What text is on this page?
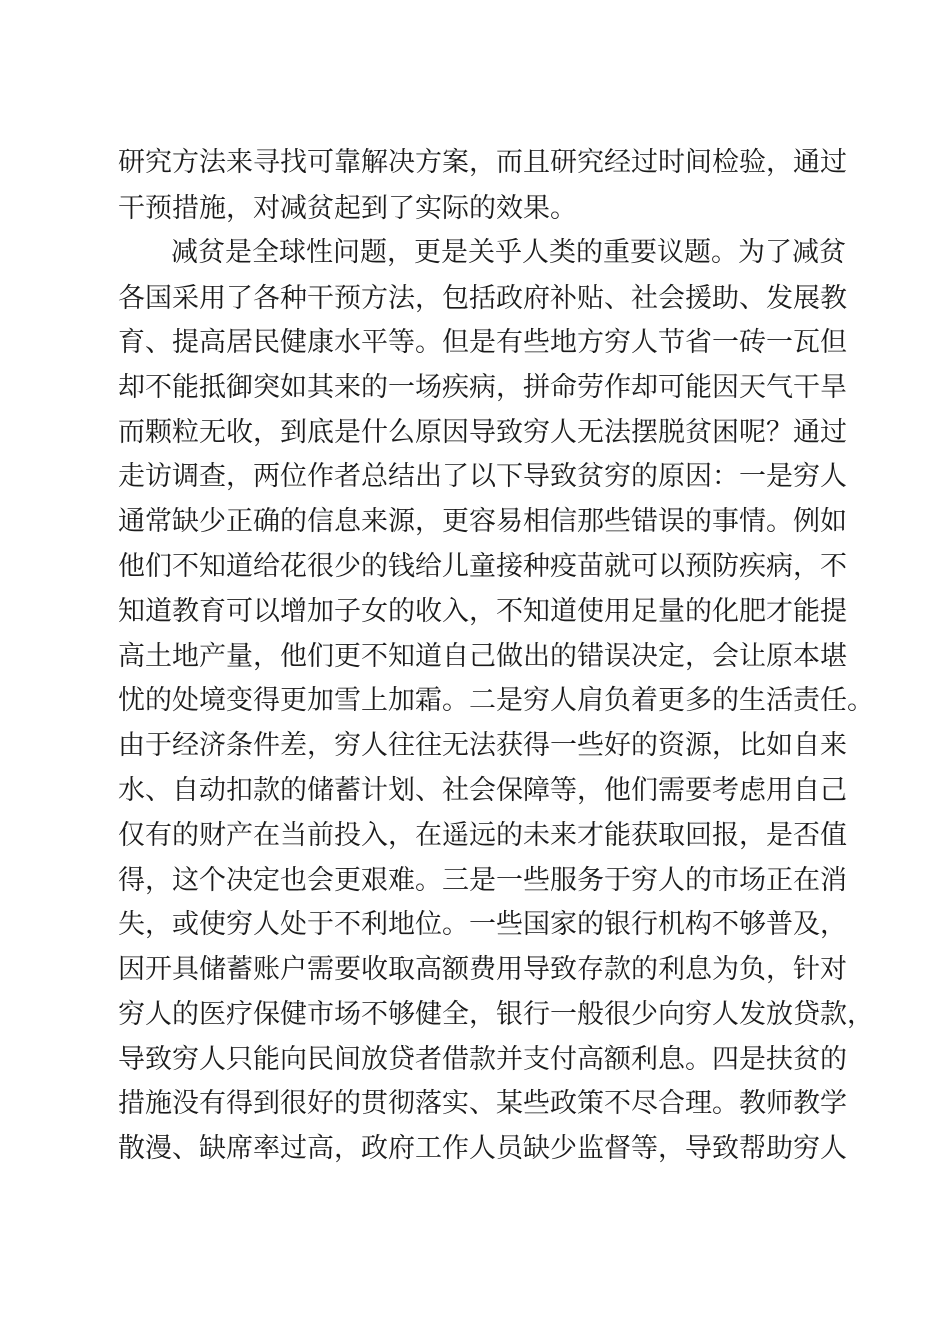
研究方法来寻找可靠解决方案，而且研究经过时间检验，通过
干预措施，对减贫起到了实际的效果。
减贫是全球性问题，更是关乎人类的重要议题。为了减贫
各国采用了各种干预方法，包括政府补贴、社会援助、发展教
育、提高居民健康水平等。但是有些地方穷人节省一砖一瓦但
却不能抵御突如其来的一场疾病，拼命劳作却可能因天气干旱
而颗粒无收，到底是什么原因导致穷人无法摆脱贫困呢？通过
走访调查，两位作者总结出了以下导致贫穷的原因：一是穷人
通常缺少正确的信息来源，更容易相信那些错误的事情。例如
他们不知道给花很少的钱给儿童接种疫苗就可以预防疾病，不
知道教育可以增加子女的收入，不知道使用足量的化肥才能提
高土地产量，他们更不知道自己做出的错误决定，会让原本堪
忧的处境变得更加雪上加霜。二是穷人肩负着更多的生活责任。
由于经济条件差，穷人往往无法获得一些好的资源，比如自来
水、自动扣款的储蓄计划、社会保障等，他们需要考虑用自己
仅有的财产在当前投入，在遥远的未来才能获取回报，是否值
得，这个决定也会更艰难。三是一些服务于穷人的市场正在消
失，或使穷人处于不利地位。一些国家的银行机构不够普及，
因开具储蓄账户需要收取高额费用导致存款的利息为负，针对
穷人的医疗保健市场不够健全，银行一般很少向穷人发放贷款，
导致穷人只能向民间放贷者借款并支付高额利息。四是扶贫的
措施没有得到很好的贯彻落实、某些政策不尽合理。教师教学
散漫、缺席率过高，政府工作人员缺少监督等，导致帮助穷人
